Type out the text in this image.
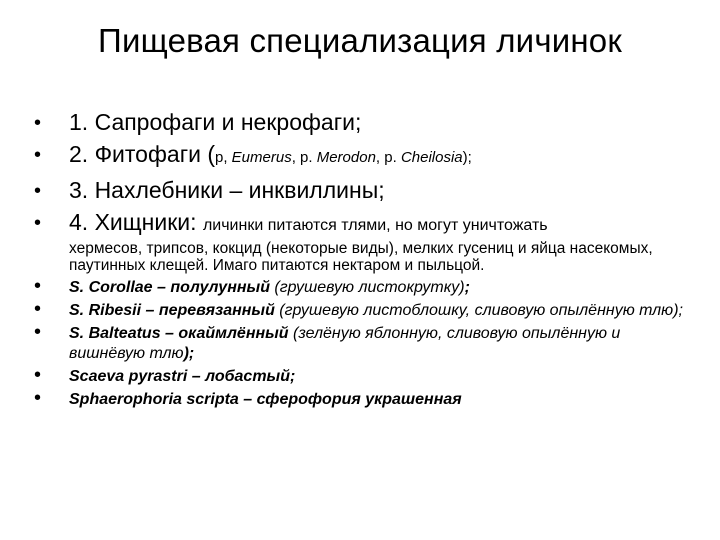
Пищевая специализация личинок
• 1. Сапрофаги и некрофаги;
• 2. Фитофаги (p, Eumerus, p. Merodon, p. Cheilosia);
• 3. Нахлебники – инквиллины;
• 4. Хищники: личинки питаются тлями, но могут уничтожать
хермесов, трипсов, кокцид (некоторые виды), мелких гусениц и яйца насекомых, паутинных клещей. Имаго питаются нектаром и пыльцой.
• S. Corollae – полулунный (грушевую листокрутку);
• S. Ribesii – перевязанный (грушевую листоблошку, сливовую опылённую тлю);
• S. Balteatus – окаймлённый (зелёную яблонную, сливовую опылённую и вишнёвую тлю);
• Scaeva pyrastri – лобастый;
• Sphaerophoria scripta – сферофория украшенная
